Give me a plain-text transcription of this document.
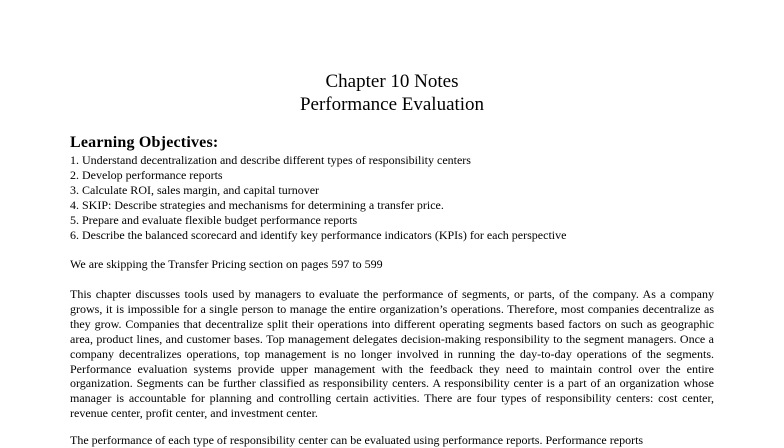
Chapter 10 Notes
Performance Evaluation
Learning Objectives:
1. Understand decentralization and describe different types of responsibility centers
2. Develop performance reports
3. Calculate ROI, sales margin, and capital turnover
4. SKIP: Describe strategies and mechanisms for determining a transfer price.
5. Prepare and evaluate flexible budget performance reports
6. Describe the balanced scorecard and identify key performance indicators (KPIs) for each perspective

We are skipping the Transfer Pricing section on pages 597 to 599

This chapter discusses tools used by managers to evaluate the performance of segments, or parts, of the company. As a company grows, it is impossible for a single person to manage the entire organization’s operations. Therefore, most companies decentralize as they grow. Companies that decentralize split their operations into different operating segments based factors on such as geographic area, product lines, and customer bases. Top management delegates decision-making responsibility to the segment managers. Once a company decentralizes operations, top management is no longer involved in running the day-to-day operations of the segments. Performance evaluation systems provide upper management with the feedback they need to maintain control over the entire organization. Segments can be further classified as responsibility centers. A responsibility center is a part of an organization whose manager is accountable for planning and controlling certain activities. There are four types of responsibility centers: cost center, revenue center, profit center, and investment center.

The performance of each type of responsibility center can be evaluated using performance reports. Performance reports
